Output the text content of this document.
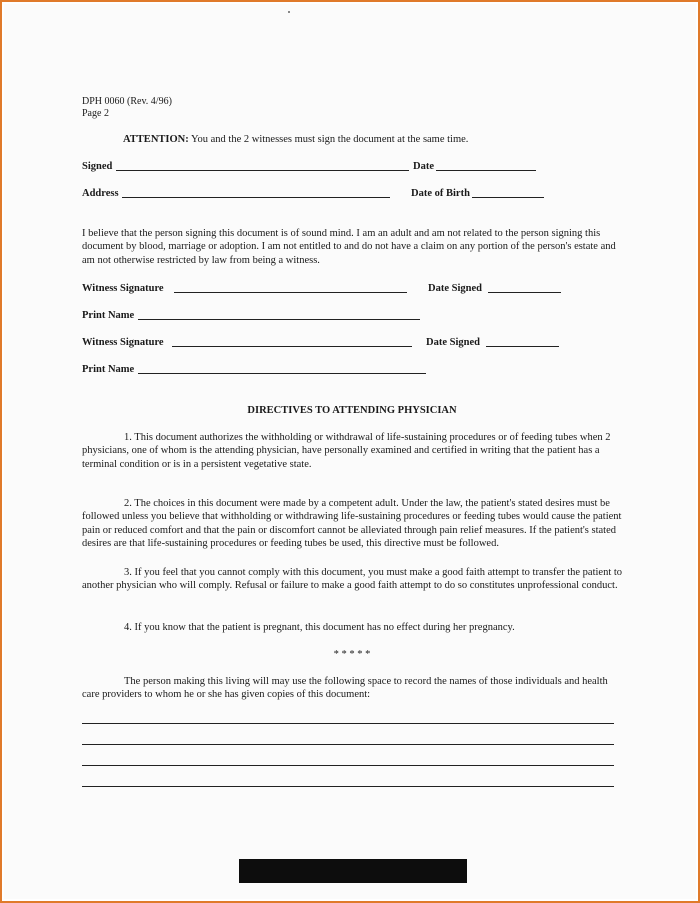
DPH 0060 (Rev. 4/96)
Page 2
ATTENTION: You and the 2 witnesses must sign the document at the same time.
Signed	Date
Address	Date of Birth
I believe that the person signing this document is of sound mind. I am an adult and am not related to the person signing this document by blood, marriage or adoption. I am not entitled to and do not have a claim on any portion of the person's estate and am not otherwise restricted by law from being a witness.
Witness Signature	Date Signed
Print Name
Witness Signature	Date Signed
Print Name
DIRECTIVES TO ATTENDING PHYSICIAN
1. This document authorizes the withholding or withdrawal of life-sustaining procedures or of feeding tubes when 2 physicians, one of whom is the attending physician, have personally examined and certified in writing that the patient has a terminal condition or is in a persistent vegetative state.
2. The choices in this document were made by a competent adult. Under the law, the patient's stated desires must be followed unless you believe that withholding or withdrawing life-sustaining procedures or feeding tubes would cause the patient pain or reduced comfort and that the pain or discomfort cannot be alleviated through pain relief measures. If the patient's stated desires are that life-sustaining procedures or feeding tubes be used, this directive must be followed.
3. If you feel that you cannot comply with this document, you must make a good faith attempt to transfer the patient to another physician who will comply. Refusal or failure to make a good faith attempt to do so constitutes unprofessional conduct.
4. If you know that the patient is pregnant, this document has no effect during her pregnancy.
* * * * *
The person making this living will may use the following space to record the names of those individuals and health care providers to whom he or she has given copies of this document:
